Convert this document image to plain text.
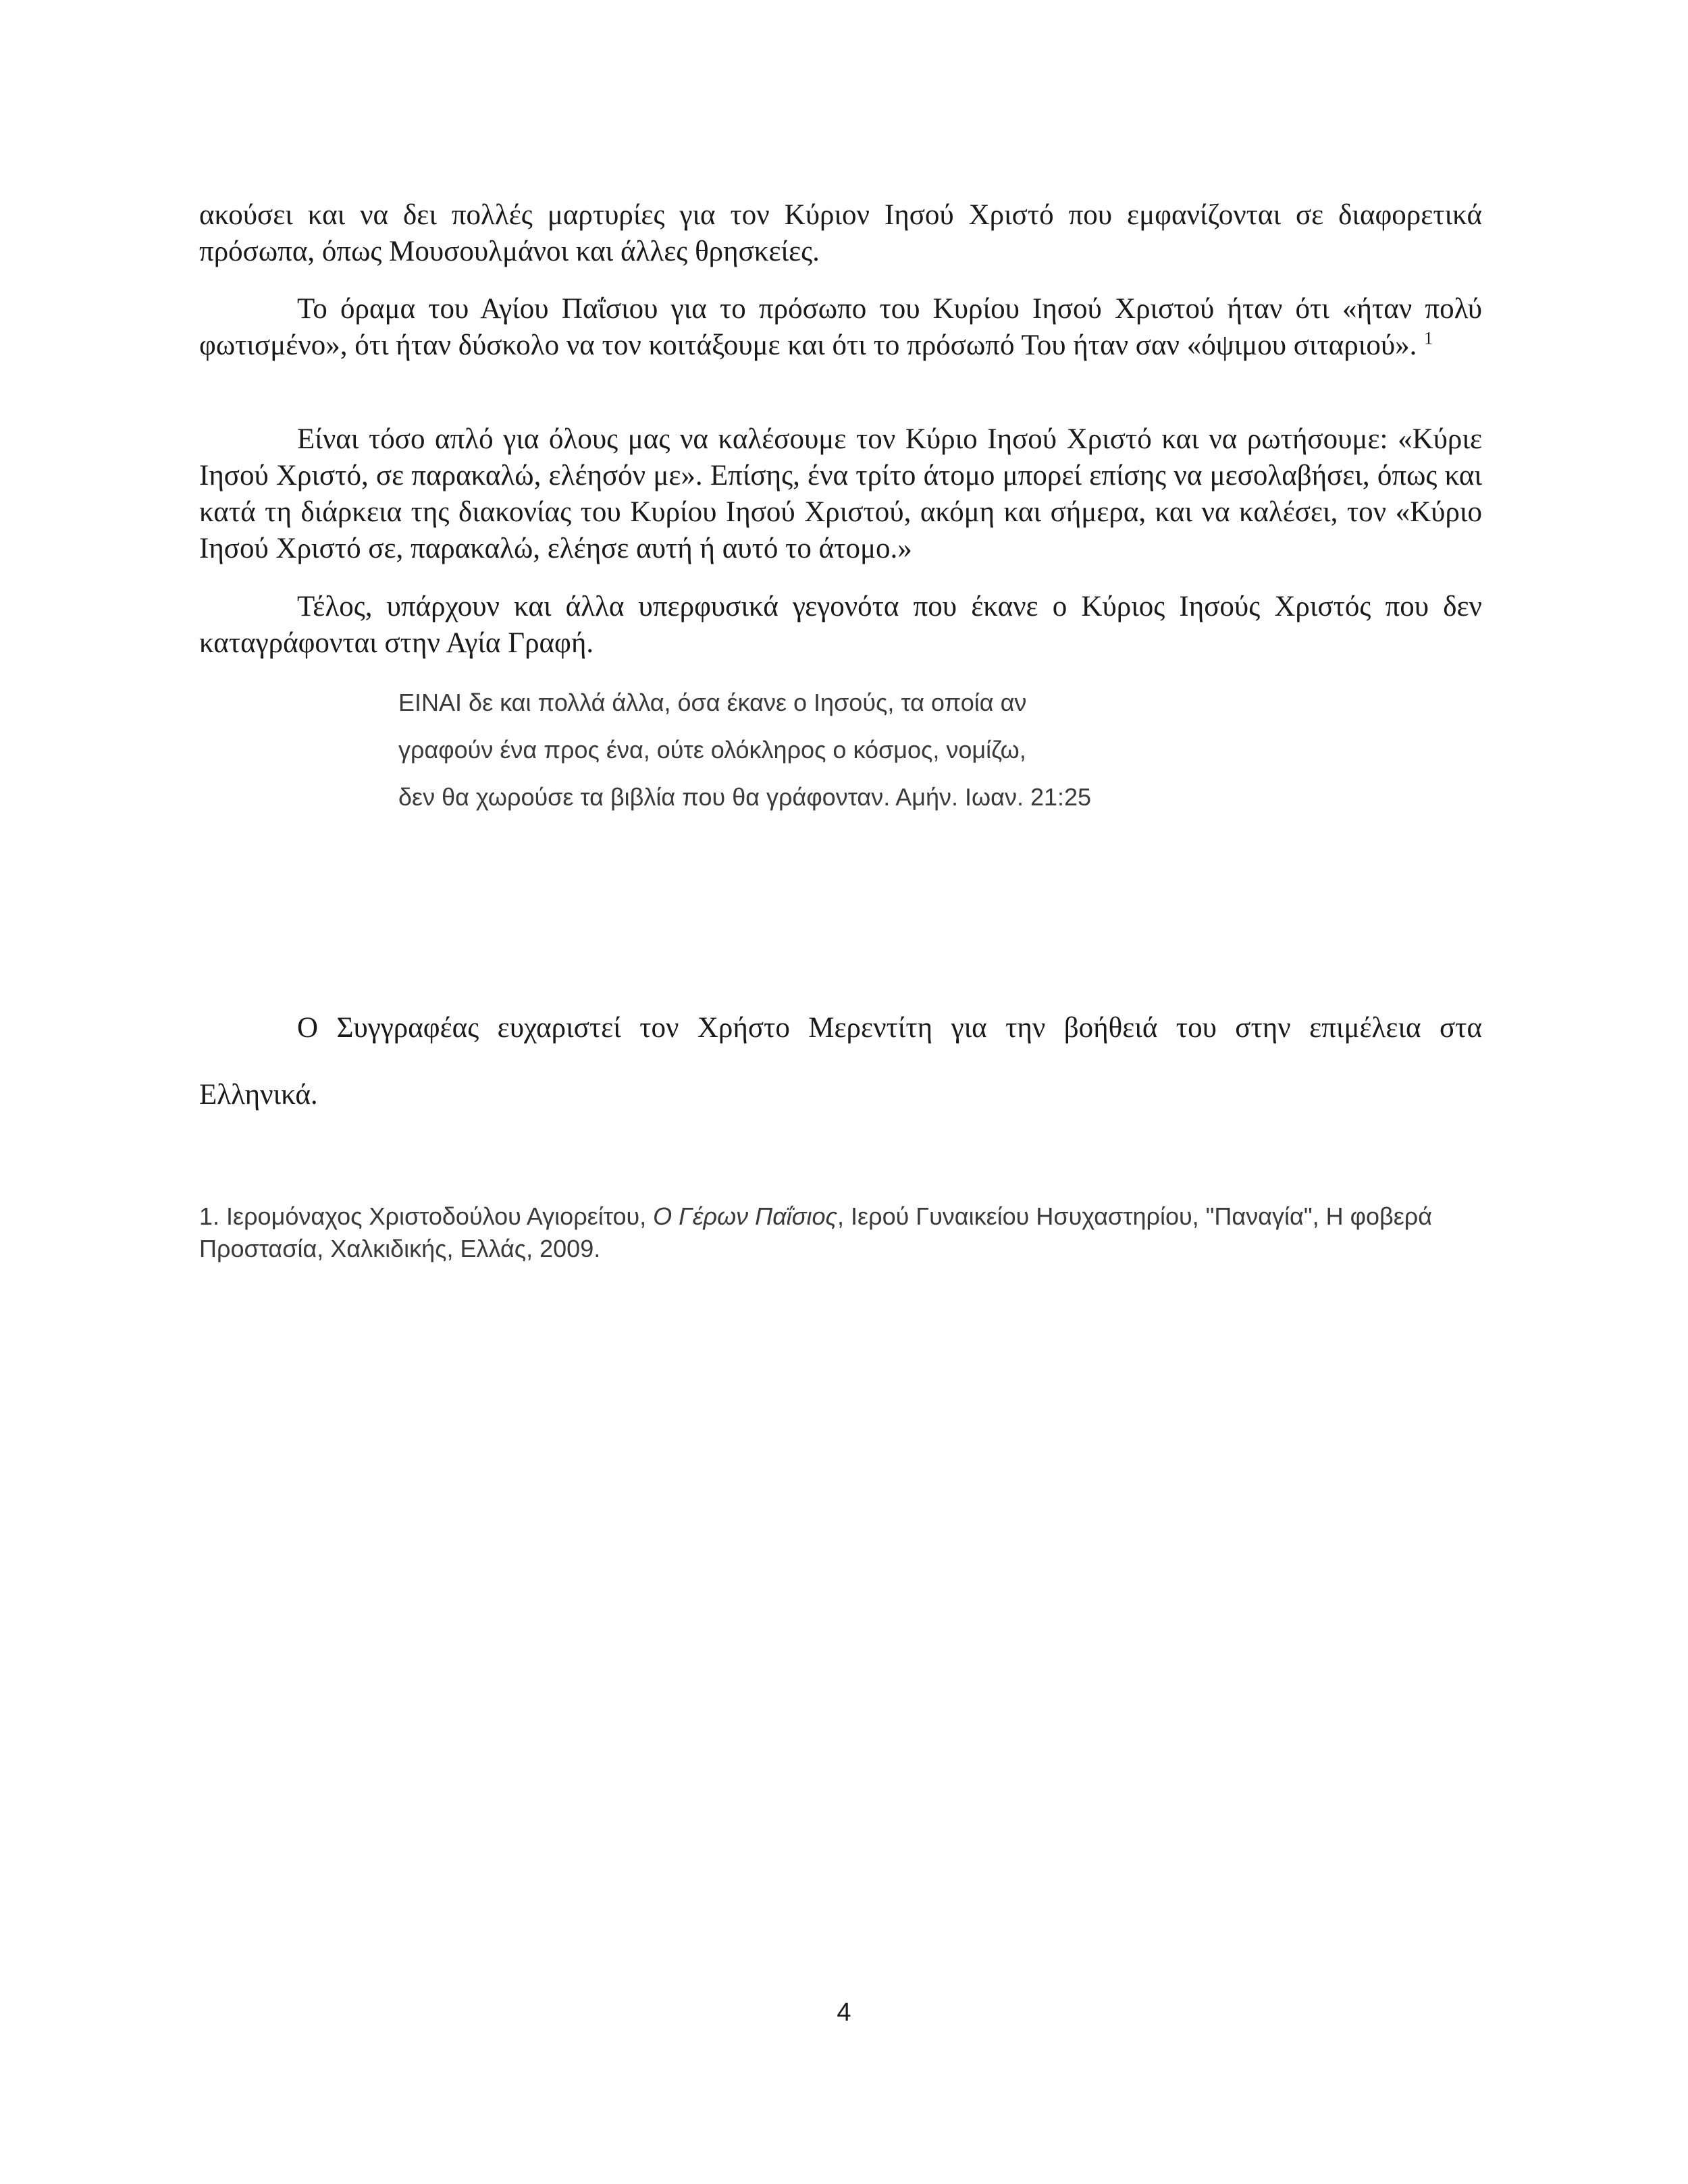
ακούσει και να δει πολλές μαρτυρίες για τον Κύριον Ιησού Χριστό που εμφανίζονται σε διαφορετικά πρόσωπα, όπως Μουσουλμάνοι και άλλες θρησκείες.

Το όραμα του Αγίου Παΐσιου για το πρόσωπο του Κυρίου Ιησού Χριστού ήταν ότι «ήταν πολύ φωτισμένο», ότι ήταν δύσκολο να τον κοιτάξουμε και ότι το πρόσωπό Του ήταν σαν «όψιμου σιταριού». $^1$

Είναι τόσο απλό για όλους μας να καλέσουμε τον Κύριο Ιησού Χριστό και να ρωτήσουμε: «Κύριε Ιησού Χριστό, σε παρακαλώ, ελέησόν με». Επίσης, ένα τρίτο άτομο μπορεί επίσης να μεσολαβήσει, όπως και κατά τη διάρκεια της διακονίας του Κυρίου Ιησού Χριστού, ακόμη και σήμερα, και να καλέσει, τον «Κύριο Ιησού Χριστό σε, παρακαλώ, ελέησε αυτή ή αυτό το άτομο.»

Τέλος, υπάρχουν και άλλα υπερφυσικά γεγονότα που έκανε ο Κύριος Ιησούς Χριστός που δεν καταγράφονται στην Αγία Γραφή.

ΕΙΝΑΙ δε και πολλά άλλα, όσα έκανε ο Ιησούς, τα οποία αν
γραφούν ένα προς ένα, ούτε ολόκληρος ο κόσμος, νομίζω,
δεν θα χωρούσε τα βιβλία που θα γράφονταν. Αμήν. Ιωαν. 21:25
Ο Συγγραφέας ευχαριστεί τον Χρήστο Μερεντίτη για την βοήθειά του στην επιμέλεια στα
Ελληνικά.

1. Ιερομόναχος Χριστοδούλου Αγιορείτου, Ο Γέρων Παΐσιος, Ιερού Γυναικείου Ησυχαστηρίου, "Παναγία", Η φοβερά Προστασία, Χαλκιδικής, Ελλάς, 2009.

4
